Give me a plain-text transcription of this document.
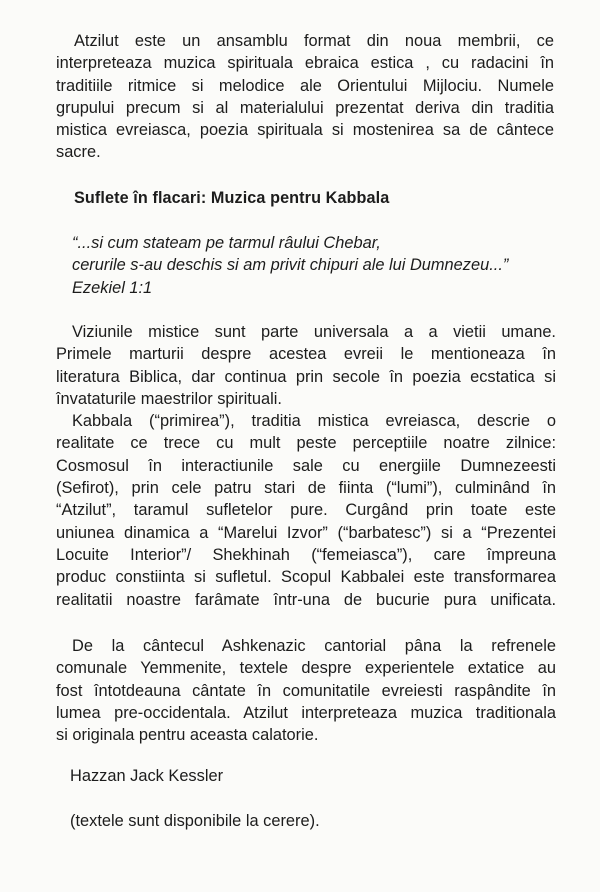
Atzilut este un ansamblu format din noua membrii, ce
interpreteaza muzica spirituala ebraica estica , cu radacini în
traditiile ritmice si melodice ale Orientului Mijlociu. Numele
grupului precum si al materialului prezentat deriva din traditia
mistica evreiasca, poezia spirituala si mostenirea sa de cântece
sacre.
Suflete în flacari: Muzica pentru Kabbala
“...si cum stateam pe tarmul râului Chebar,
cerurile s-au deschis si am privit chipuri ale lui Dumnezeu...”
Ezekiel 1:1
Viziunile mistice sunt parte universala a a vietii umane.
Primele marturii despre acestea evreii le mentioneaza în
literatura Biblica, dar continua prin secole în poezia ecstatica si
învataturile maestrilor spirituali.
Kabbala (“primirea”), traditia mistica evreiasca, descrie o
realitate ce trece cu mult peste perceptiile noatre zilnice:
Cosmosul în interactiunile sale cu energiile Dumnezeesti
(Sefirot), prin cele patru stari de fiinta (“lumi”), culminând în
“Atzilut”, taramul sufletelor pure. Curgând prin toate este
uniunea dinamica a “Marelui Izvor” (“barbatesc”) si a “Prezentei
Locuite Interior”/ Shekhinah (“femeiasca”), care împreuna
produc constiinta si sufletul. Scopul Kabbalei este transformarea
realitatii noastre farâmate într-una de bucurie pura unificata.
De la cântecul Ashkenazic cantorial pâna la refrenele
comunale Yemmenite, textele despre experientele extatice au
fost întotdeauna cântate în comunitatile evreiesti raspândite în
lumea pre-occidentala. Atzilut interpreteaza muzica traditionala
si originala pentru aceasta calatorie.
Hazzan Jack Kessler
(textele sunt disponibile la cerere).
